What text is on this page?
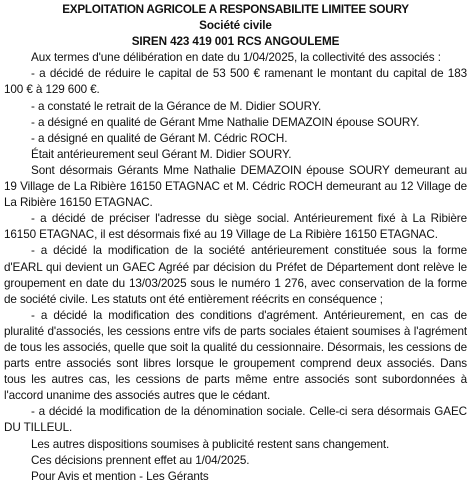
EXPLOITATION AGRICOLE A RESPONSABILITE LIMITEE SOURY

Société civile

SIREN 423 419 001 RCS ANGOULEME

Aux termes d'une délibération en date du 1/04/2025, la collectivité des associés :

- a décidé de réduire le capital de 53 500 € ramenant le montant du capital de 183 100 € à 129 600 €.

- a constaté le retrait de la Gérance de M. Didier SOURY.

- a désigné en qualité de Gérant Mme Nathalie DEMAZOIN épouse SOURY.

- a désigné en qualité de Gérant M. Cédric ROCH.

Était antérieurement seul Gérant M. Didier SOURY.

Sont désormais Gérants Mme Nathalie DEMAZOIN épouse SOURY demeurant au 19 Village de La Ribière 16150 ETAGNAC et M. Cédric ROCH demeurant au 12 Village de La Ribière 16150 ETAGNAC.

- a décidé de préciser l'adresse du siège social. Antérieurement fixé à La Ribière 16150 ETAGNAC, il est désormais fixé au 19 Village de La Ribière 16150 ETAGNAC.

- a décidé la modification de la société antérieurement constituée sous la forme d'EARL qui devient un GAEC Agréé par décision du Préfet de Département dont relève le groupement en date du 13/03/2025 sous le numéro 1 276, avec conservation de la forme de société civile. Les statuts ont été entièrement réécrits en conséquence ;

- a décidé la modification des conditions d'agrément. Antérieurement, en cas de pluralité d'associés, les cessions entre vifs de parts sociales étaient soumises à l'agrément de tous les associés, quelle que soit la qualité du cessionnaire. Désormais, les cessions de parts entre associés sont libres lorsque le groupement comprend deux associés. Dans tous les autres cas, les cessions de parts même entre associés sont subordonnées à l'accord unanime des associés autres que le cédant.

- a décidé la modification de la dénomination sociale. Celle-ci sera désormais GAEC DU TILLEUL.

Les autres dispositions soumises à publicité restent sans changement.

Ces décisions prennent effet au 1/04/2025.

Pour Avis et mention - Les Gérants
